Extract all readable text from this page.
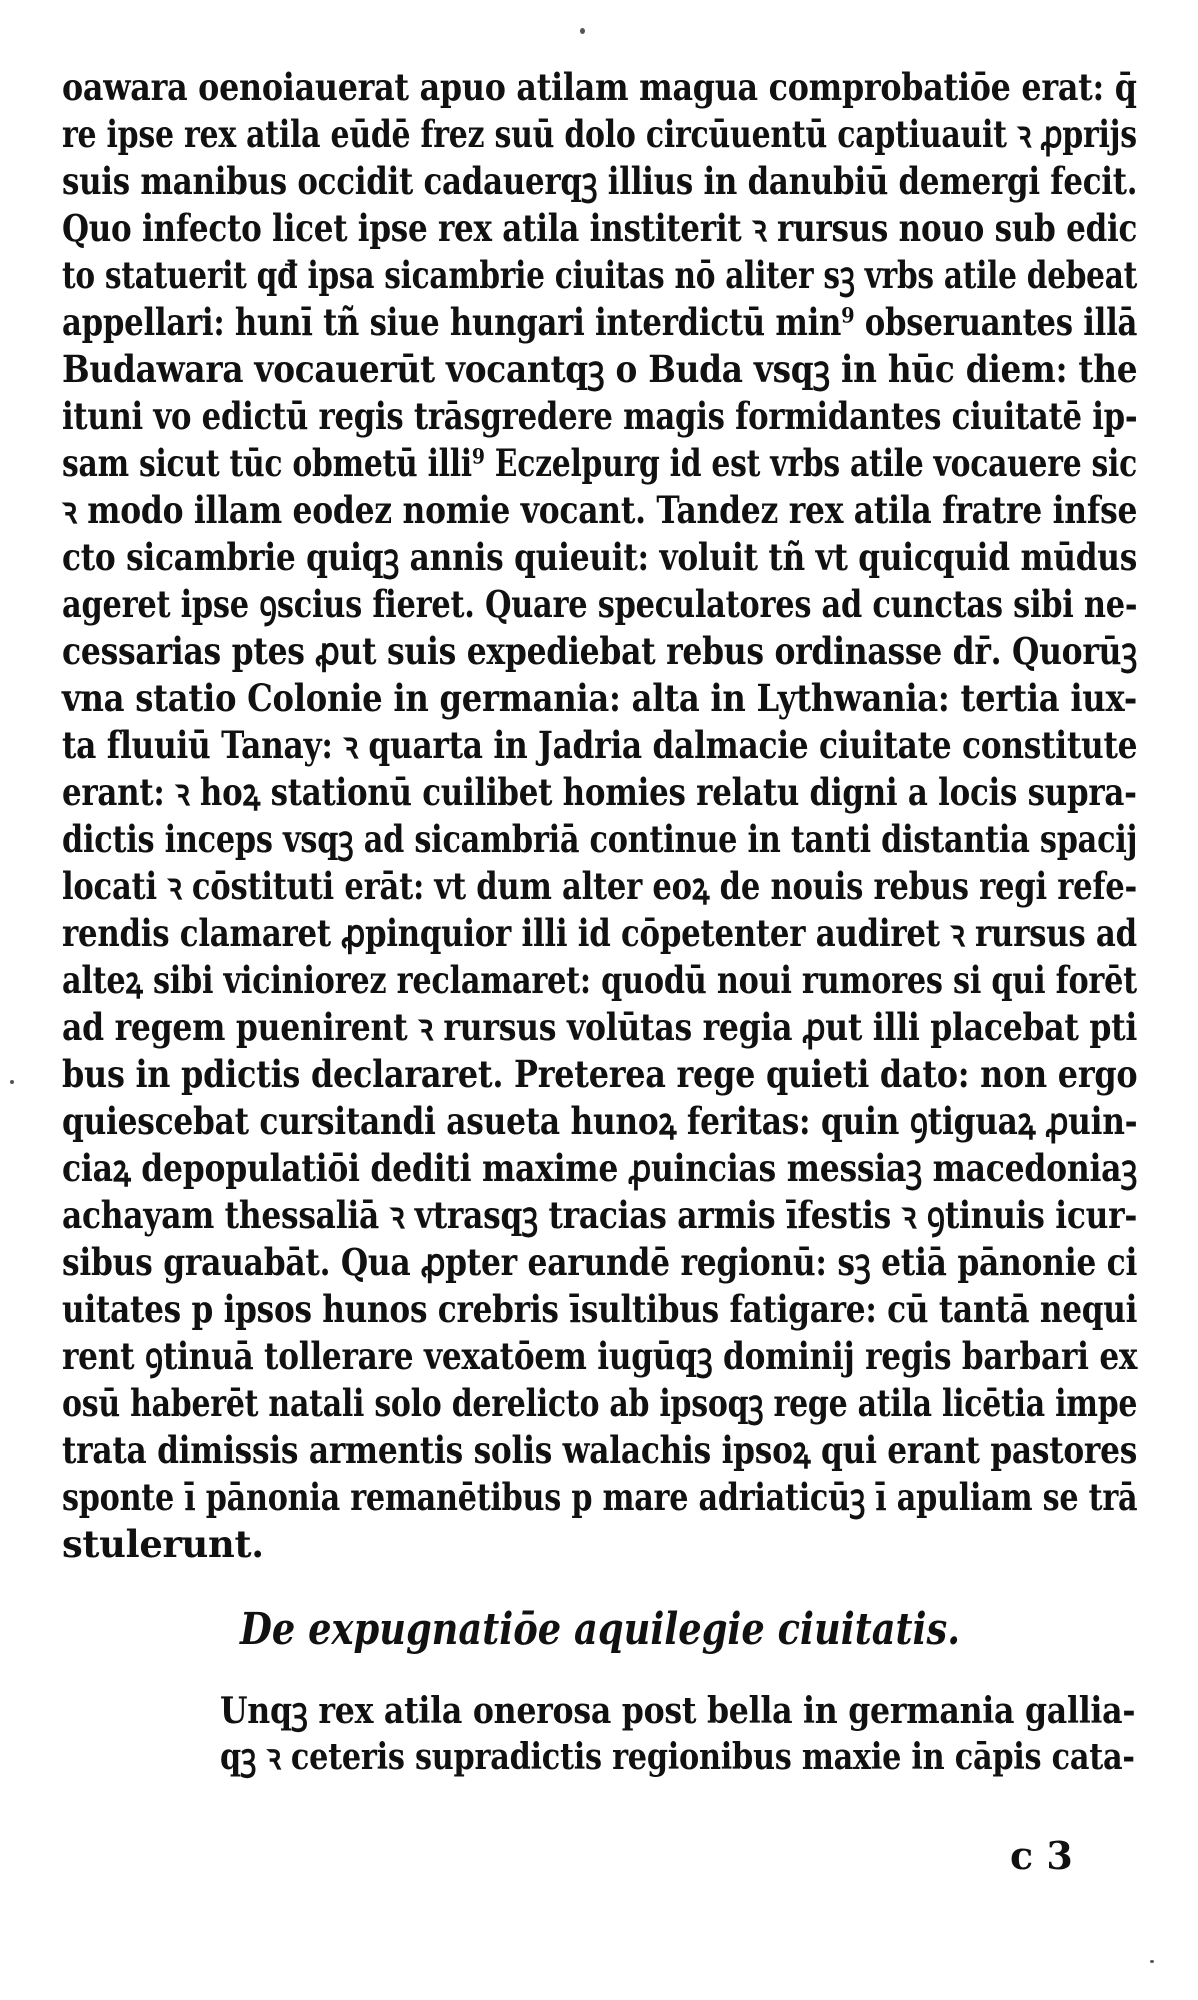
oawara oenoiauerat apuo atilam magua comprobatiōe erat: q̄
re ipse rex atila eūdē frez suū dolo circūuentū captiuauit ꝛ ꝓprijs
suis manibus occidit cadauerqꝫ illius in danubiū demergi fecit.
Quo infecto licet ipse rex atila institerit ꝛ rursus nouo sub edic
to statuerit qđ ipsa sicambrie ciuitas nō aliter sꝫ vrbs atile debeat
appellari: hunī tñ siue hungari interdictū min⁹ obseruantes illā
Budawara vocauerūt vocantqꝫ o Buda vsqꝫ in hūc diem: the
ituni vo edictū regis trāsgredere magis formidantes ciuitatē ip-
sam sicut tūc obmetū illi⁹ Eczelpurg id est vrbs atile vocauere sic
ꝛ modo illam eodez nomie vocant. Tandez rex atila fratre infse
cto sicambrie quiqꝫ annis quieuit: voluit tñ vt quicquid mūdus
ageret ipse ꝯscius fieret. Quare speculatores ad cunctas sibi ne-
cessarias ptes ꝓut suis expediebat rebus ordinasse dr̄. Quorūꝫ
vna statio Colonie in germania: alta in Lythwania: tertia iux-
ta fluuiū Tanay: ꝛ quarta in Jadria dalmacie ciuitate constitute
erant: ꝛ hoꝝ stationū cuilibet homies relatu digni a locis supra-
dictis inceps vsqꝫ ad sicambriā continue in tanti distantia spacij
locati ꝛ cōstituti erāt: vt dum alter eoꝝ de nouis rebus regi refe-
rendis clamaret ꝓpinquior illi id cōpetenter audiret ꝛ rursus ad
alteꝝ sibi viciniorez reclamaret: quodū noui rumores si qui forēt
ad regem puenirent ꝛ rursus volūtas regia ꝓut illi placebat pti
bus in pdictis declararet. Preterea rege quieti dato: non ergo
quiescebat cursitandi asueta hunoꝝ feritas: quin ꝯtiguaꝝ ꝓuin-
ciaꝝ depopulatiōi dediti maxime ꝓuincias messiaꝫ macedoniaꝫ
achayam thessaliā ꝛ vtrasqꝫ tracias armis īfestis ꝛ ꝯtinuis icur-
sibus grauabāt. Qua ꝓpter earundē regionū: sꝫ etiā pānonie ci
uitates p ipsos hunos crebris īsultibus fatigare: cū tantā nequi
rent ꝯtinuā tollerare vexatōem iugūqꝫ dominij regis barbari ex
osū haberēt natali solo derelicto ab ipsoqꝫ rege atila licētia impe
trata dimissis armentis solis walachis ipsoꝝ qui erant pastores
sponte ī pānonia remanētibus p mare adriaticūꝫ ī apuliam se trā
stulerunt.
De expugnatiōe aquilegie ciuitatis.
Unqꝫ rex atila onerosa post bella in germania gallia-
qꝫ ꝛ ceteris supradictis regionibus maxie in cāpis cata-
c 3
